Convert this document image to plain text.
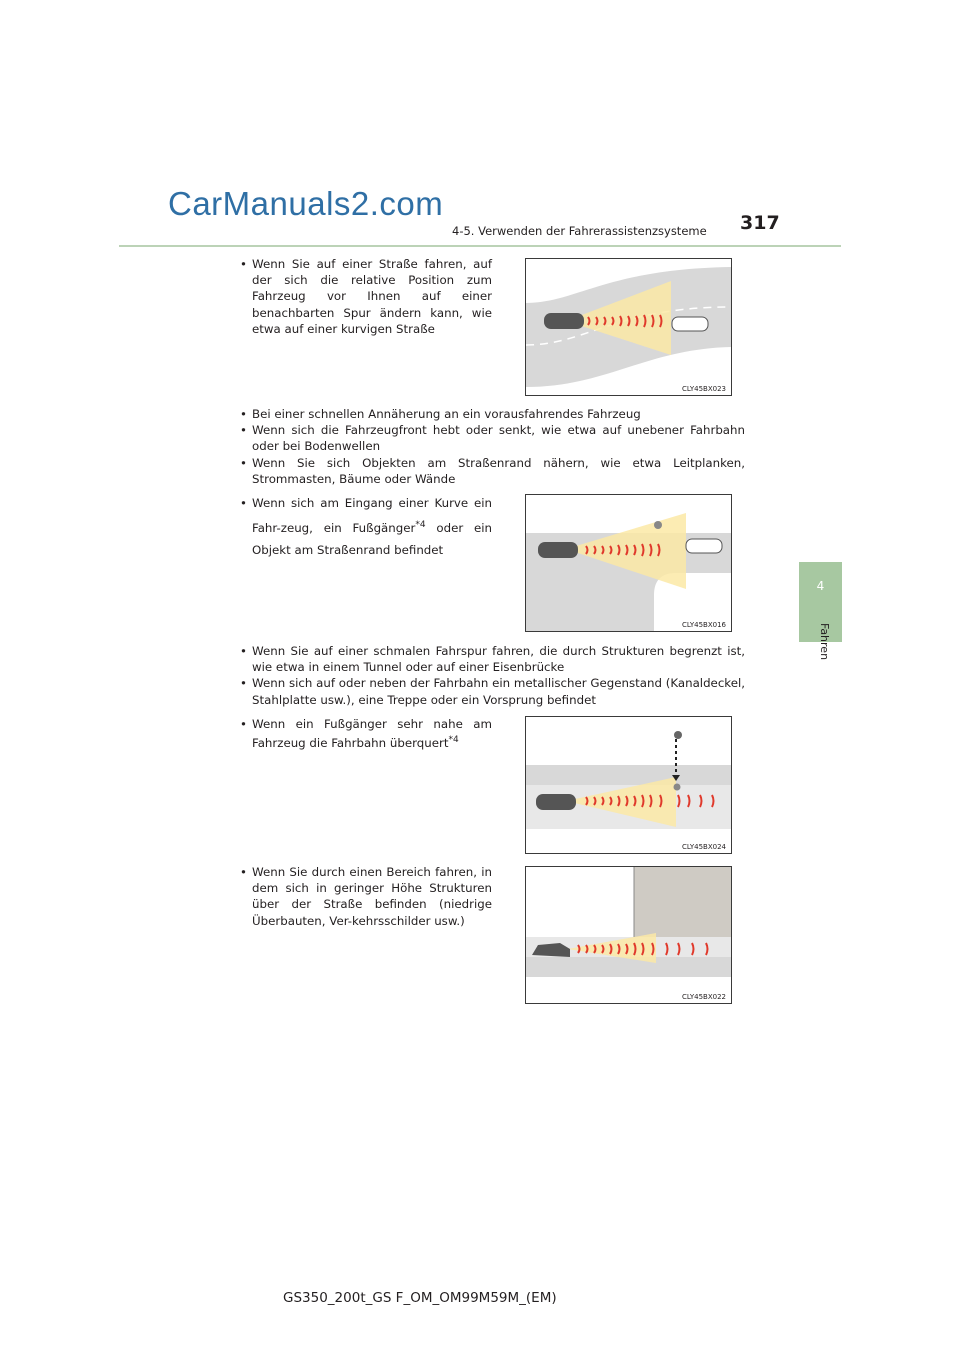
CarManuals2.com
4-5. Verwenden der Fahrerassistenzsysteme 317
4
Fahren
• Wenn Sie auf einer Straße fahren, auf der sich die relative Position zum Fahrzeug vor Ihnen auf einer benachbarten Spur ändern kann, wie etwa auf einer kurvigen Straße
CLY45BX023
• Bei einer schnellen Annäherung an ein vorausfahrendes Fahrzeug
• Wenn sich die Fahrzeugfront hebt oder senkt, wie etwa auf unebener Fahrbahn oder bei Bodenwellen
• Wenn Sie sich Objekten am Straßenrand nähern, wie etwa Leitplanken, Strommasten, Bäume oder Wände
• Wenn sich am Eingang einer Kurve ein Fahr-zeug, ein Fußgänger$^{*4}$ oder ein Objekt am Straßenrand befindet
CLY45BX016
• Wenn Sie auf einer schmalen Fahrspur fahren, die durch Strukturen begrenzt ist, wie etwa in einem Tunnel oder auf einer Eisenbrücke
• Wenn sich auf oder neben der Fahrbahn ein metallischer Gegenstand (Kanaldeckel, Stahlplatte usw.), eine Treppe oder ein Vorsprung befindet
• Wenn ein Fußgänger sehr nahe am Fahrzeug die Fahrbahn überquert$^{*4}$
CLY45BX024
• Wenn Sie durch einen Bereich fahren, in dem sich in geringer Höhe Strukturen über der Straße befinden (niedrige Überbauten, Ver-kehrsschilder usw.)
CLY45BX022
GS350_200t_GS F_OM_OM99M59M_(EM)
